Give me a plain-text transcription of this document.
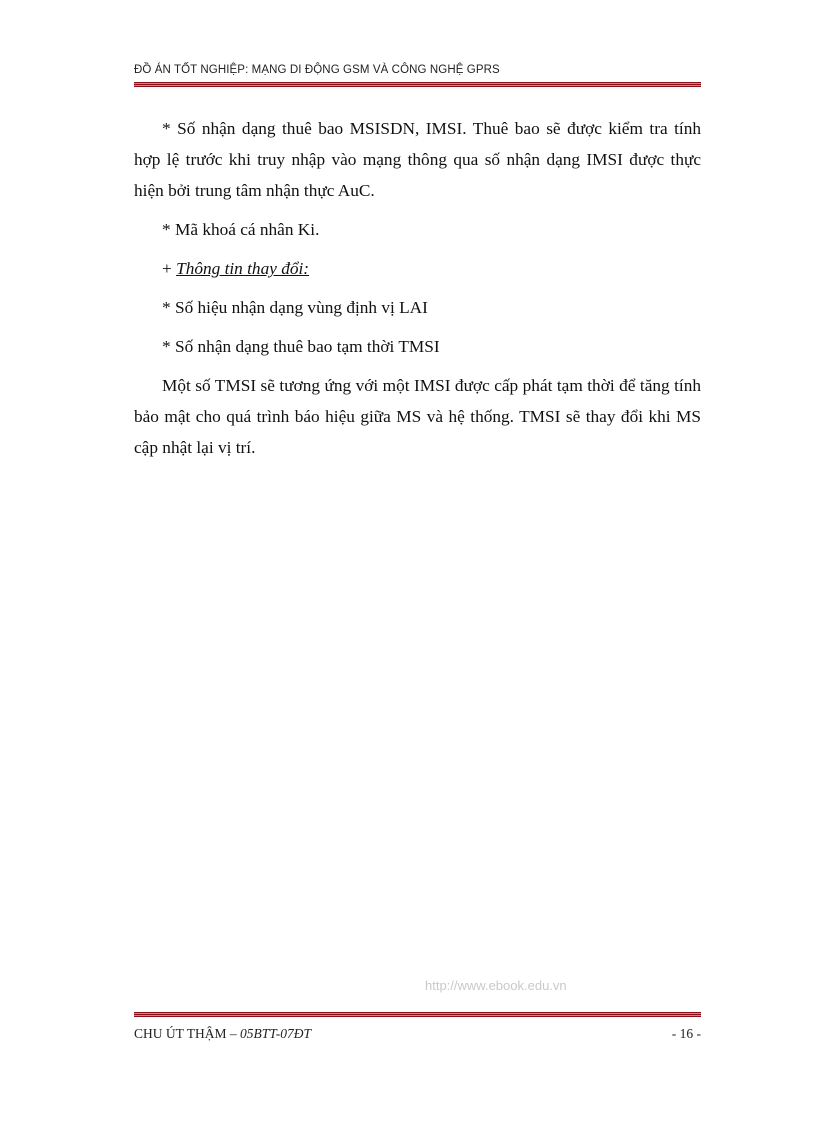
ĐỒ ÁN TỐT NGHIỆP: MẠNG DI ĐỘNG GSM VÀ CÔNG NGHỆ GPRS

* Số nhận dạng thuê bao MSISDN, IMSI. Thuê bao sẽ được kiểm tra tính hợp lệ trước khi truy nhập vào mạng thông qua số nhận dạng IMSI được thực hiện bởi trung tâm nhận thực AuC.

* Mã khoá cá nhân Ki.

+ Thông tin thay đổi:

* Số hiệu nhận dạng vùng định vị LAI

* Số nhận dạng thuê bao tạm thời TMSI

Một số TMSI sẽ tương ứng với một IMSI được cấp phát tạm thời để tăng tính bảo mật cho quá trình báo hiệu giữa MS và hệ thống. TMSI sẽ thay đổi khi MS cập nhật lại vị trí.

http://www.ebook.edu.vn
CHU ÚT THẬM – 05BTT-07ĐT	- 16 -
